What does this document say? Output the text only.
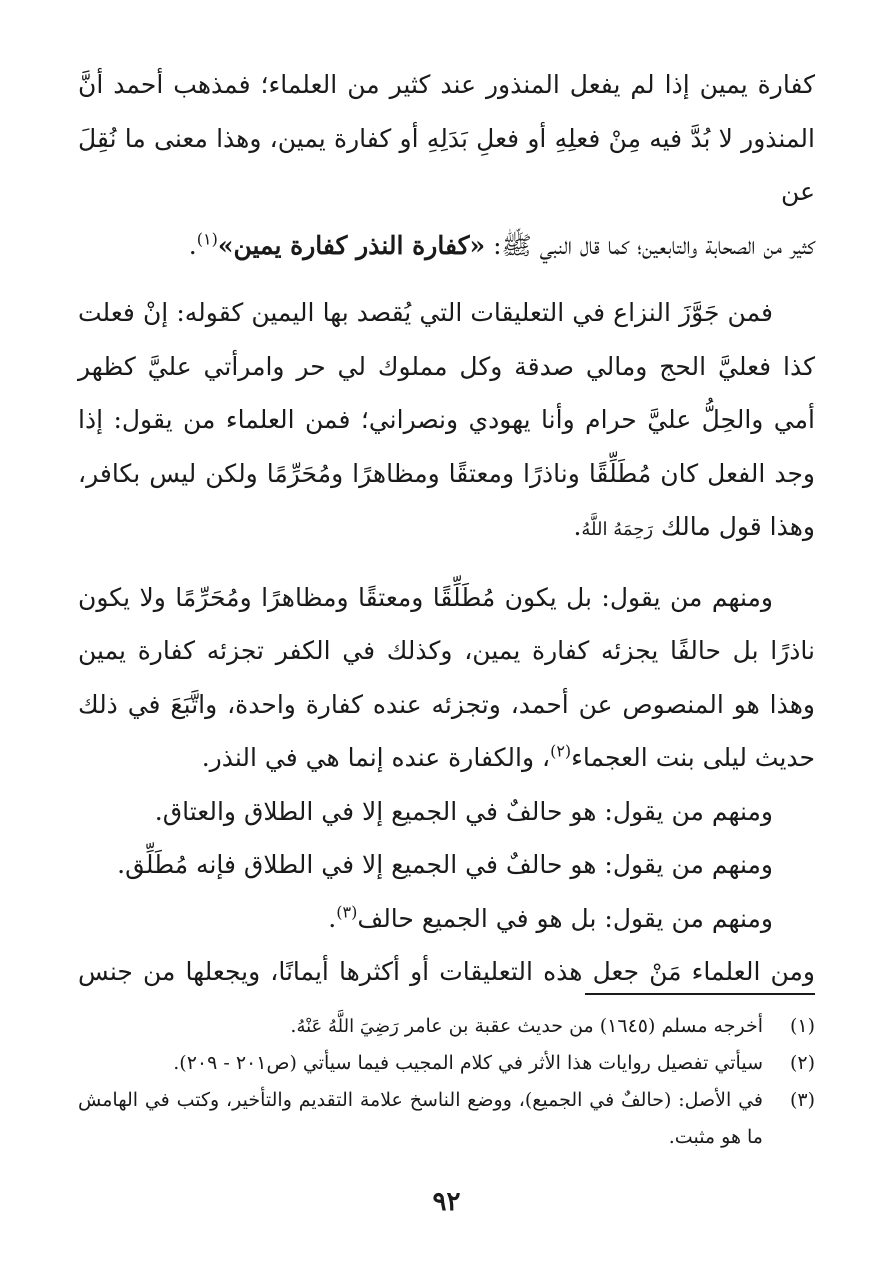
كفارة يمين إذا لم يفعل المنذور عند كثير من العلماء؛ فمذهب أحمد أنَّ

المنذور لا بُدَّ فيه مِنْ فعلِهِ أو فعلِ بَدَلِهِ أو كفارة يمين، وهذا معنى ما نُقِلَ عن

كثير من الصحابة والتابعين؛ كما قال النبي ﷺ: «كفارة النذر كفارة يمين»$^{(١)}$.

فمن جَوَّزَ النزاع في التعليقات التي يُقصد بها اليمين كقوله: إنْ فعلت كذا فعليَّ الحج ومالي صدقة وكل مملوك لي حر وامرأتي عليَّ كظهر أمي والحِلُّ عليَّ حرام وأنا يهودي ونصراني؛ فمن العلماء من يقول: إذا وجد الفعل كان مُطَلِّقًا وناذرًا ومعتقًا ومظاهرًا ومُحَرِّمًا ولكن ليس بكافر، وهذا قول مالك رَحِمَهُ اللَّهُ.

ومنهم من يقول: بل يكون مُطَلِّقًا ومعتقًا ومظاهرًا ومُحَرِّمًا ولا يكون ناذرًا بل حالفًا يجزئه كفارة يمين، وكذلك في الكفر تجزئه كفارة يمين وهذا هو المنصوص عن أحمد، وتجزئه عنده كفارة واحدة، واتَّبَعَ في ذلك حديث ليلى بنت العجماء$^{(٢)}$، والكفارة عنده إنما هي في النذر.

ومنهم من يقول: هو حالفٌ في الجميع إلا في الطلاق والعتاق.

ومنهم من يقول: هو حالفٌ في الجميع إلا في الطلاق فإنه مُطَلِّق.

ومنهم من يقول: بل هو في الجميع حالف$^{(٣)}$.

ومن العلماء مَنْ جعل هذه التعليقات أو أكثرها أيمانًا، ويجعلها من جنس

(١)
أخرجه مسلم (١٦٤٥) من حديث عقبة بن عامر رَضِيَ اللَّهُ عَنْهُ.
(٢)
سيأتي تفصيل روايات هذا الأثر في كلام المجيب فيما سيأتي (ص٢٠١ - ٢٠٩).
(٣)
في الأصل: (حالفٌ في الجميع)، ووضع الناسخ علامة التقديم والتأخير، وكتب في الهامش ما هو مثبت.
٩٢
